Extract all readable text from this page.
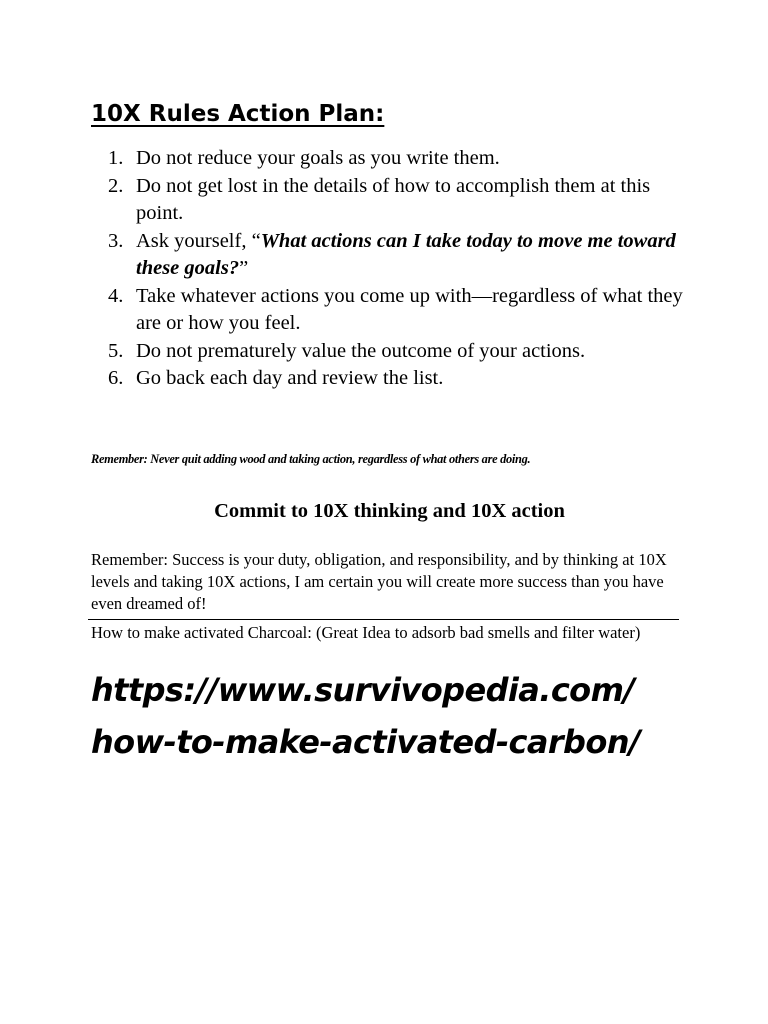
10X Rules Action Plan:
1. Do not reduce your goals as you write them.
2. Do not get lost in the details of how to accomplish them at this point.
3. Ask yourself, “What actions can I take today to move me toward these goals?”
4. Take whatever actions you come up with—regardless of what they are or how you feel.
5. Do not prematurely value the outcome of your actions.
6. Go back each day and review the list.
Remember: Never quit adding wood and taking action, regardless of what others are doing.
Commit to 10X thinking and 10X action
Remember: Success is your duty, obligation, and responsibility, and by thinking at 10X levels and taking 10X actions, I am certain you will create more success than you have even dreamed of!
How to make activated Charcoal: (Great Idea to adsorb bad smells and filter water)
https://www.survivopedia.com/
how-to-make-activated-carbon/
